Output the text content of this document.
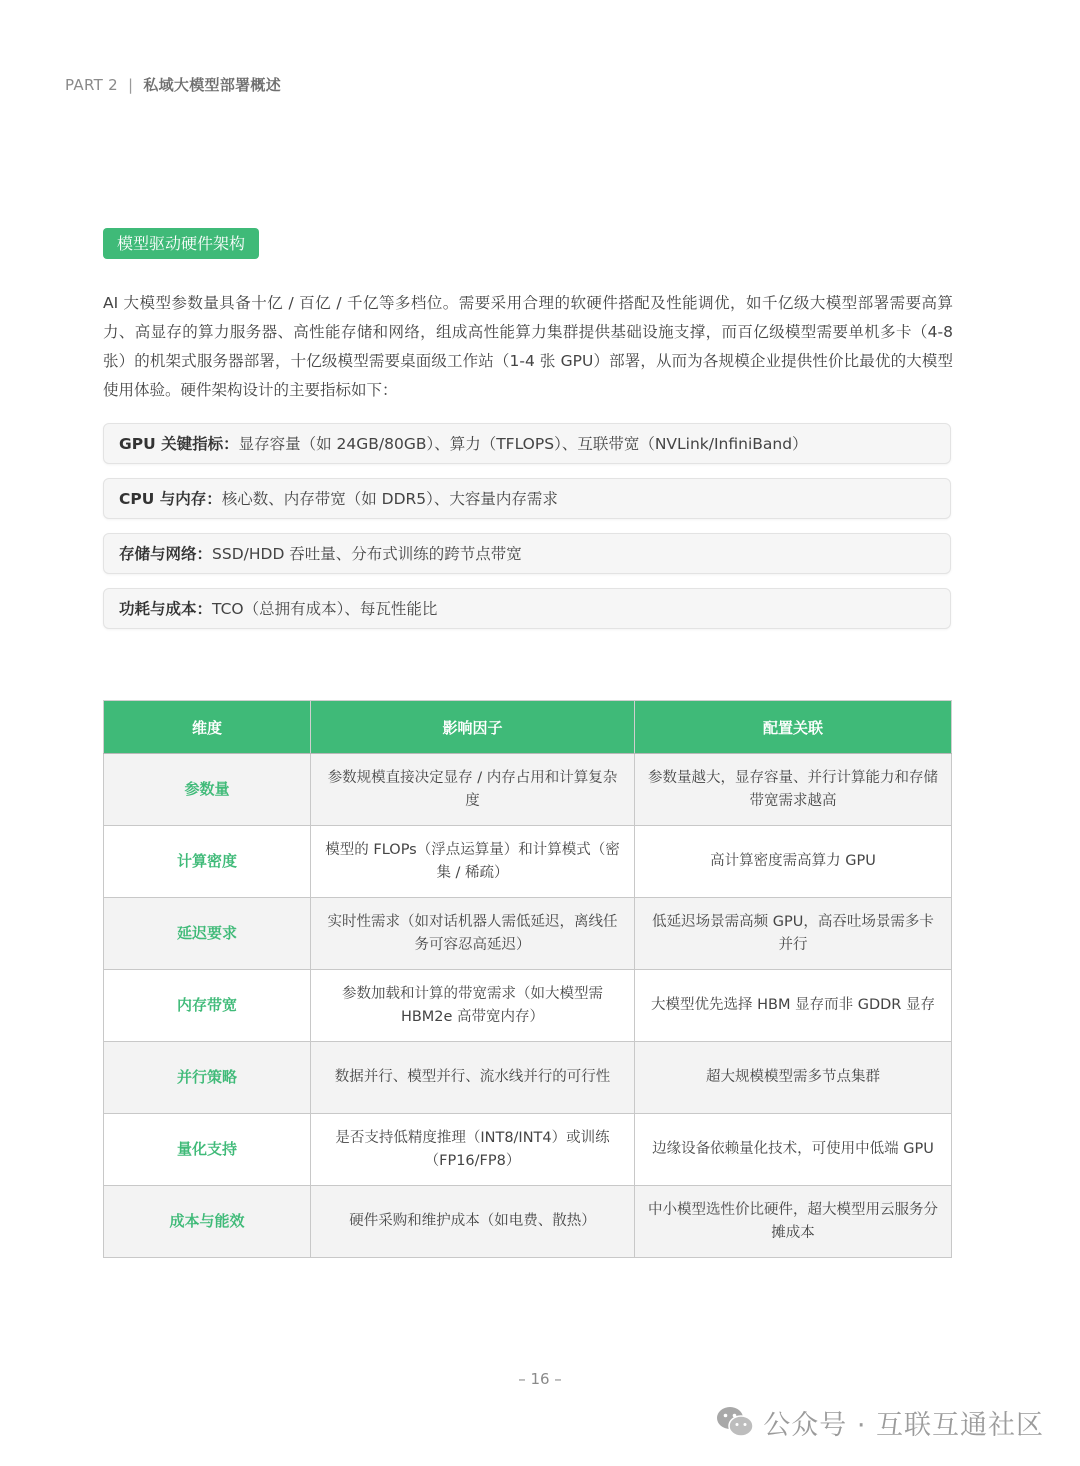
PART 2 | 私域大模型部署概述
模型驱动硬件架构
AI 大模型参数量具备十亿 / 百亿 / 千亿等多档位。需要采用合理的软硬件搭配及性能调优，如千亿级大模型部署需要高算力、高显存的算力服务器、高性能存储和网络，组成高性能算力集群提供基础设施支撑，而百亿级模型需要单机多卡（4-8 张）的机架式服务器部署，十亿级模型需要桌面级工作站（1-4 张 GPU）部署，从而为各规模企业提供性价比最优的大模型使用体验。硬件架构设计的主要指标如下：
GPU 关键指标：显存容量（如 24GB/80GB）、算力（TFLOPS）、互联带宽（NVLink/InfiniBand）
CPU 与内存：核心数、内存带宽（如 DDR5）、大容量内存需求
存储与网络：SSD/HDD 吞吐量、分布式训练的跨节点带宽
功耗与成本：TCO（总拥有成本）、每瓦性能比
维度	影响因子	配置关联
参数量	参数规模直接决定显存 / 内存占用和计算复杂度	参数量越大，显存容量、并行计算能力和存储带宽需求越高
计算密度	模型的 FLOPs（浮点运算量）和计算模式（密集 / 稀疏）	高计算密度需高算力 GPU
延迟要求	实时性需求（如对话机器人需低延迟，离线任务可容忍高延迟）	低延迟场景需高频 GPU，高吞吐场景需多卡并行
内存带宽	参数加载和计算的带宽需求（如大模型需 HBM2e 高带宽内存）	大模型优先选择 HBM 显存而非 GDDR 显存
并行策略	数据并行、模型并行、流水线并行的可行性	超大规模模型需多节点集群
量化支持	是否支持低精度推理（INT8/INT4）或训练（FP16/FP8）	边缘设备依赖量化技术，可使用中低端 GPU
成本与能效	硬件采购和维护成本（如电费、散热）	中小模型选性价比硬件，超大模型用云服务分摊成本
– 16 –
公众号 · 互联互通社区
